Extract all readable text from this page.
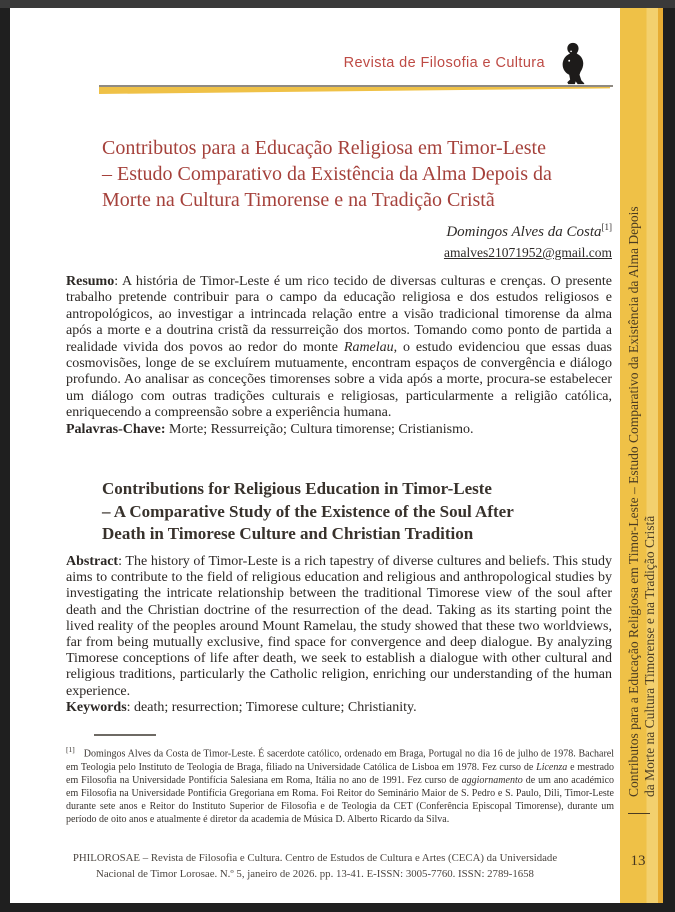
Revista de Filosofia e Cultura
Contributos para a Educação Religiosa em Timor-Leste
– Estudo Comparativo da Existência da Alma Depois da
Morte na Cultura Timorense e na Tradição Cristã
Domingos Alves da Costa[1]
amalves21071952@gmail.com
Resumo: A história de Timor-Leste é um rico tecido de diversas culturas e crenças. O presente trabalho pretende contribuir para o campo da educação religiosa e dos estudos religiosos e antropológicos, ao investigar a intrincada relação entre a visão tradicional timorense da alma após a morte e a doutrina cristã da ressurreição dos mortos. Tomando como ponto de partida a realidade vivida dos povos ao redor do monte Ramelau, o estudo evidenciou que essas duas cosmovisões, longe de se excluírem mutuamente, encontram espaços de convergência e diálogo profundo. Ao analisar as conceções timorenses sobre a vida após a morte, procura-se estabelecer um diálogo com outras tradições culturais e religiosas, particularmente a religião católica, enriquecendo a compreensão sobre a experiência humana.
Palavras-Chave: Morte; Ressurreição; Cultura timorense; Cristianismo.
Contributions for Religious Education in Timor-Leste
– A Comparative Study of the Existence of the Soul After
Death in Timorese Culture and Christian Tradition
Abstract: The history of Timor-Leste is a rich tapestry of diverse cultures and beliefs. This study aims to contribute to the field of religious education and religious and anthropological studies by investigating the intricate relationship between the traditional Timorese view of the soul after death and the Christian doctrine of the resurrection of the dead. Taking as its starting point the lived reality of the peoples around Mount Ramelau, the study showed that these two worldviews, far from being mutually exclusive, find space for convergence and deep dialogue. By analyzing Timorese conceptions of life after death, we seek to establish a dialogue with other cultural and religious traditions, particularly the Catholic religion, enriching our understanding of the human experience.
Keywords: death; resurrection; Timorese culture; Christianity.
[1] Domingos Alves da Costa de Timor-Leste. É sacerdote católico, ordenado em Braga, Portugal no dia 16 de julho de 1978. Bacharel em Teologia pelo Instituto de Teologia de Braga, filiado na Universidade Católica de Lisboa em 1978. Fez curso de Licenza e mestrado em Filosofia na Universidade Pontifícia Salesiana em Roma, Itália no ano de 1991. Fez curso de aggiornamento de um ano académico em Filosofia na Universidade Pontifícia Gregoriana em Roma. Foi Reitor do Seminário Maior de S. Pedro e S. Paulo, Dili, Timor-Leste durante sete anos e Reitor do Instituto Superior de Filosofia e de Teologia da CET (Conferência Episcopal Timorense), durante um período de oito anos e atualmente é diretor da academia de Música D. Alberto Ricardo da Silva.
PHILOROSAE – Revista de Filosofia e Cultura. Centro de Estudos de Cultura e Artes (CECA) da Universidade
Nacional de Timor Lorosae. N.º 5, janeiro de 2026. pp. 13-41. E-ISSN: 3005-7760. ISSN: 2789-1658
Contributos para a Educação Religiosa em Timor-Leste – Estudo Comparativo da Existência da Alma Depois da Morte na Cultura Timorense e na Tradição Cristã
13
